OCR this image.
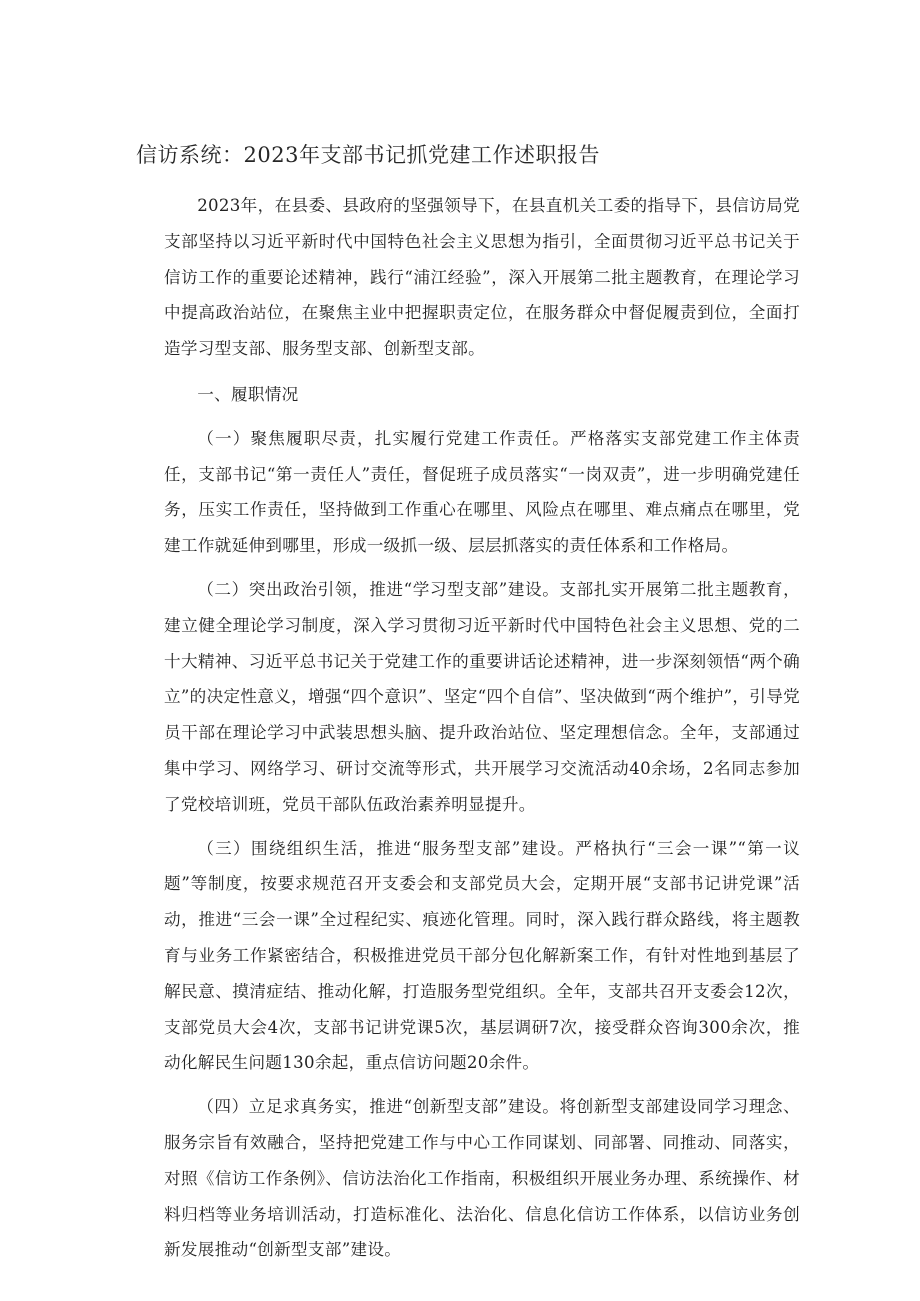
信访系统：2023年支部书记抓党建工作述职报告

2023年，在县委、县政府的坚强领导下，在县直机关工委的指导下，县信访局党支部坚持以习近平新时代中国特色社会主义思想为指引，全面贯彻习近平总书记关于信访工作的重要论述精神，践行“浦江经验”，深入开展第二批主题教育，在理论学习中提高政治站位，在聚焦主业中把握职责定位，在服务群众中督促履责到位，全面打造学习型支部、服务型支部、创新型支部。

一、履职情况

（一）聚焦履职尽责，扎实履行党建工作责任。严格落实支部党建工作主体责任，支部书记“第一责任人”责任，督促班子成员落实“一岗双责”，进一步明确党建任务，压实工作责任，坚持做到工作重心在哪里、风险点在哪里、难点痛点在哪里，党建工作就延伸到哪里，形成一级抓一级、层层抓落实的责任体系和工作格局。

（二）突出政治引领，推进“学习型支部”建设。支部扎实开展第二批主题教育，建立健全理论学习制度，深入学习贯彻习近平新时代中国特色社会主义思想、党的二十大精神、习近平总书记关于党建工作的重要讲话论述精神，进一步深刻领悟“两个确立”的决定性意义，增强“四个意识”、坚定“四个自信”、坚决做到“两个维护”，引导党员干部在理论学习中武装思想头脑、提升政治站位、坚定理想信念。全年，支部通过集中学习、网络学习、研讨交流等形式，共开展学习交流活动40余场，2名同志参加了党校培训班，党员干部队伍政治素养明显提升。

（三）围绕组织生活，推进“服务型支部”建设。严格执行“三会一课”“第一议题”等制度，按要求规范召开支委会和支部党员大会，定期开展“支部书记讲党课”活动，推进“三会一课”全过程纪实、痕迹化管理。同时，深入践行群众路线，将主题教育与业务工作紧密结合，积极推进党员干部分包化解新案工作，有针对性地到基层了解民意、摸清症结、推动化解，打造服务型党组织。全年，支部共召开支委会12次，支部党员大会4次，支部书记讲党课5次，基层调研7次，接受群众咨询300余次，推动化解民生问题130余起，重点信访问题20余件。

（四）立足求真务实，推进“创新型支部”建设。将创新型支部建设同学习理念、服务宗旨有效融合，坚持把党建工作与中心工作同谋划、同部署、同推动、同落实，对照《信访工作条例》、信访法治化工作指南，积极组织开展业务办理、系统操作、材料归档等业务培训活动，打造标准化、法治化、信息化信访工作体系，以信访业务创新发展推动“创新型支部”建设。
